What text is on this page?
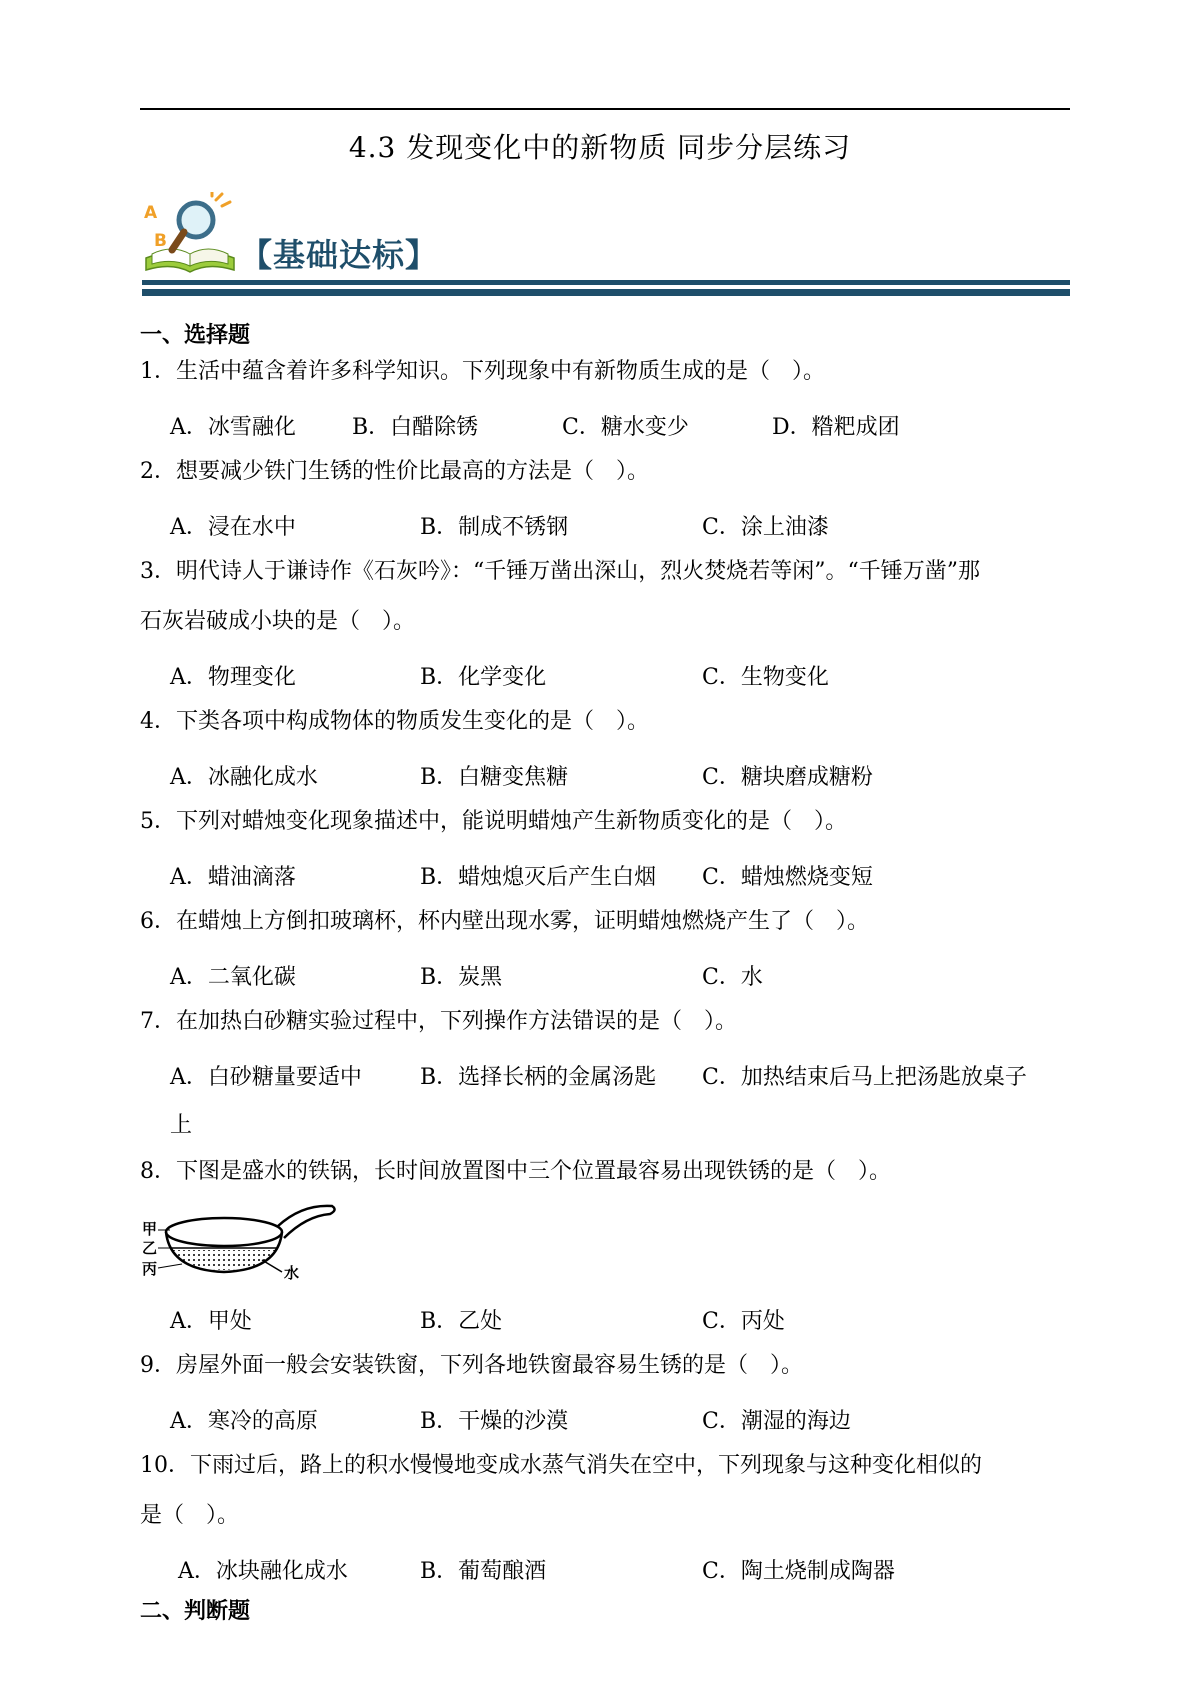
4.3 发现变化中的新物质 同步分层练习
A
B 【基础达标】
一、选择题
1．生活中蕴含着许多科学知识。下列现象中有新物质生成的是（　）。
A．冰雪融化	B．白醋除锈	C．糖水变少	D．糌粑成团
2．想要减少铁门生锈的性价比最高的方法是（　）。
A．浸在水中	B．制成不锈钢	C．涂上油漆
3．明代诗人于谦诗作《石灰吟》：“千锤万凿出深山，烈火焚烧若等闲”。“千锤万凿”那
石灰岩破成小块的是（　）。
A．物理变化	B．化学变化	C．生物变化
4．下类各项中构成物体的物质发生变化的是（　）。
A．冰融化成水	B．白糖变焦糖	C．糖块磨成糖粉
5．下列对蜡烛变化现象描述中，能说明蜡烛产生新物质变化的是（　）。
A．蜡油滴落	B．蜡烛熄灭后产生白烟 C．蜡烛燃烧变短
6．在蜡烛上方倒扣玻璃杯，杯内壁出现水雾，证明蜡烛燃烧产生了（　）。
A．二氧化碳	B．炭黑	C．水
7．在加热白砂糖实验过程中，下列操作方法错误的是（　）。
A．白砂糖量要适中	B．选择长柄的金属汤匙 C．加热结束后马上把汤匙放桌子
上
8．下图是盛水的铁锅，长时间放置图中三个位置最容易出现铁锈的是（　）。
甲
乙
丙	水
A．甲处	B．乙处	C．丙处
9．房屋外面一般会安装铁窗，下列各地铁窗最容易生锈的是（　）。
A．寒冷的高原	B．干燥的沙漠	C．潮湿的海边
10．下雨过后，路上的积水慢慢地变成水蒸气消失在空中，下列现象与这种变化相似的
是（　）。
A．冰块融化成水	B．葡萄酿酒	C．陶土烧制成陶器
二、判断题
